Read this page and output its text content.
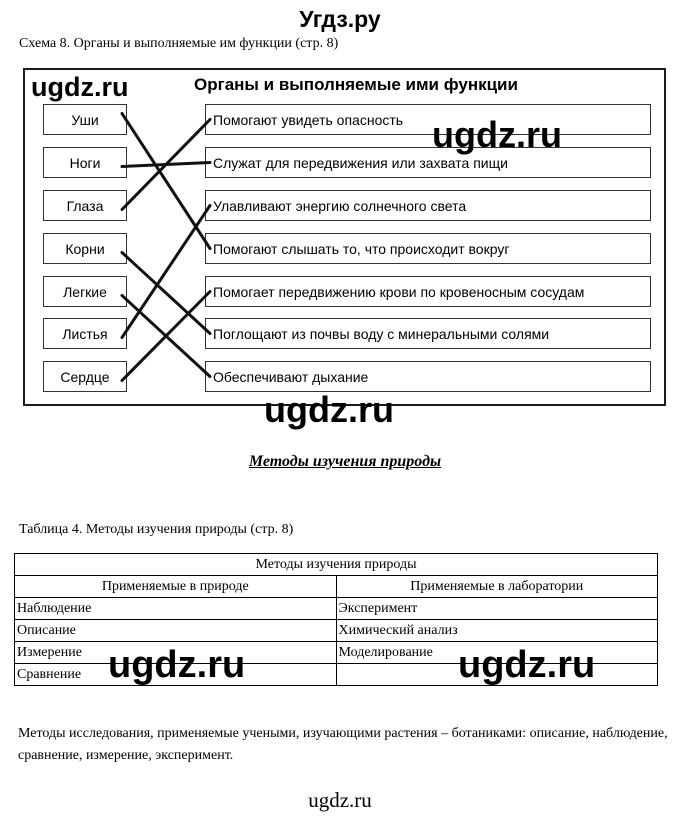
Угдз.ру
Схема 8. Органы и выполняемые им функции (стр. 8)
Органы и выполняемые ими функции
Уши
Ноги
Глаза
Корни
Легкие
Листья
Сердце
Помогают увидеть опасность
Служат для передвижения или захвата пищи
Улавливают энергию солнечного света
Помогают слышать то, что происходит вокруг
Помогает передвижению крови по кровеносным сосудам
Поглощают из почвы воду с минеральными солями
Обеспечивают дыхание
ugdz.ru
ugdz.ru
ugdz.ru
Методы изучения природы
Таблица 4. Методы изучения природы (стр. 8)
Методы изучения природы	
Применяемые в природе	Применяемые в лаборатории
Наблюдение	Эксперимент
Описание	Химический анализ
Измерение	Моделирование
Сравнение	ugdz.ru	ugdz.ru
Методы исследования, применяемые учеными, изучающими растения – ботаниками: описание, наблюдение, сравнение, измерение, эксперимент.
ugdz.ru
